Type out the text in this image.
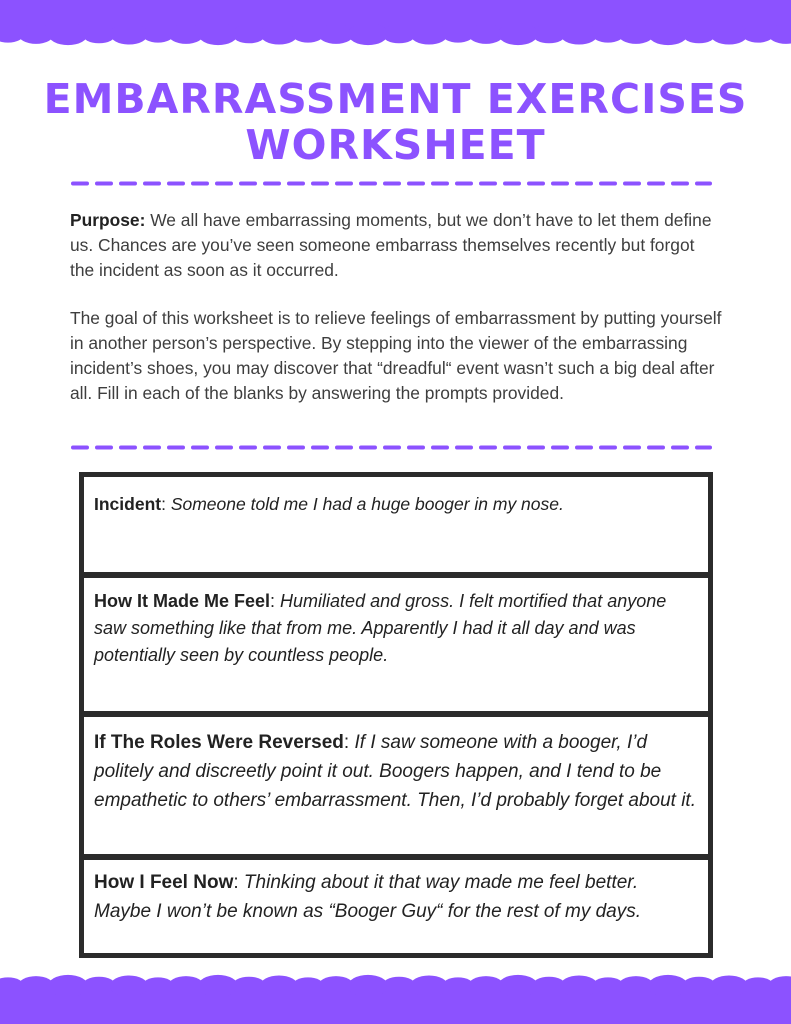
EMBARRASSMENT EXERCISES
WORKSHEET

Purpose: We all have embarrassing moments, but we don’t have to let them define us. Chances are you’ve seen someone embarrass themselves recently but forgot the incident as soon as it occurred.

The goal of this worksheet is to relieve feelings of embarrassment by putting yourself in another person’s perspective. By stepping into the viewer of the embarrassing incident’s shoes, you may discover that “dreadful“ event wasn’t such a big deal after all. Fill in each of the blanks by answering the prompts provided.

Incident: Someone told me I had a huge booger in my nose.
How It Made Me Feel: Humiliated and gross. I felt mortified that anyone saw something like that from me. Apparently I had it all day and was potentially seen by countless people.
If The Roles Were Reversed: If I saw someone with a booger, I’d politely and discreetly point it out. Boogers happen, and I tend to be empathetic to others’ embarrassment. Then, I’d probably forget about it.
How I Feel Now: Thinking about it that way made me feel better. Maybe I won’t be known as “Booger Guy“ for the rest of my days.
